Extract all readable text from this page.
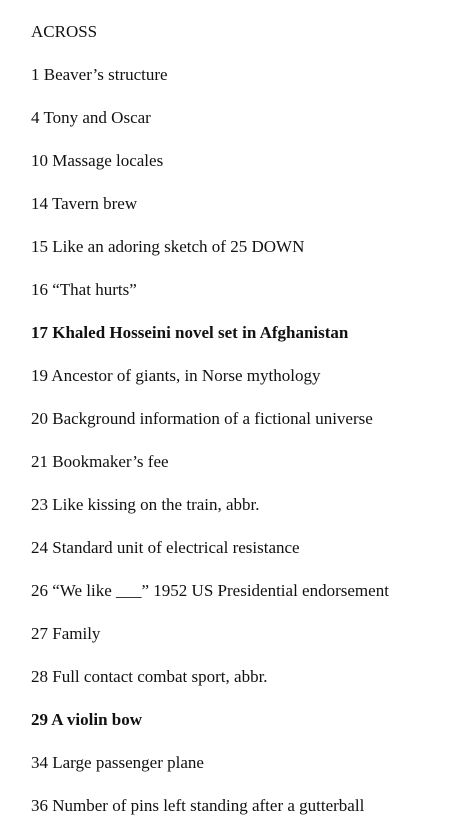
ACROSS
1 Beaver’s structure
4 Tony and Oscar
10 Massage locales
14 Tavern brew
15 Like an adoring sketch of 25 DOWN
16 “That hurts”
17 Khaled Hosseini novel set in Afghanistan
19 Ancestor of giants, in Norse mythology
20 Background information of a fictional universe
21 Bookmaker’s fee
23 Like kissing on the train, abbr.
24 Standard unit of electrical resistance
26 “We like ___” 1952 US Presidential endorsement
27 Family
28 Full contact combat sport, abbr.
29 A violin bow
34 Large passenger plane
36 Number of pins left standing after a gutterball
